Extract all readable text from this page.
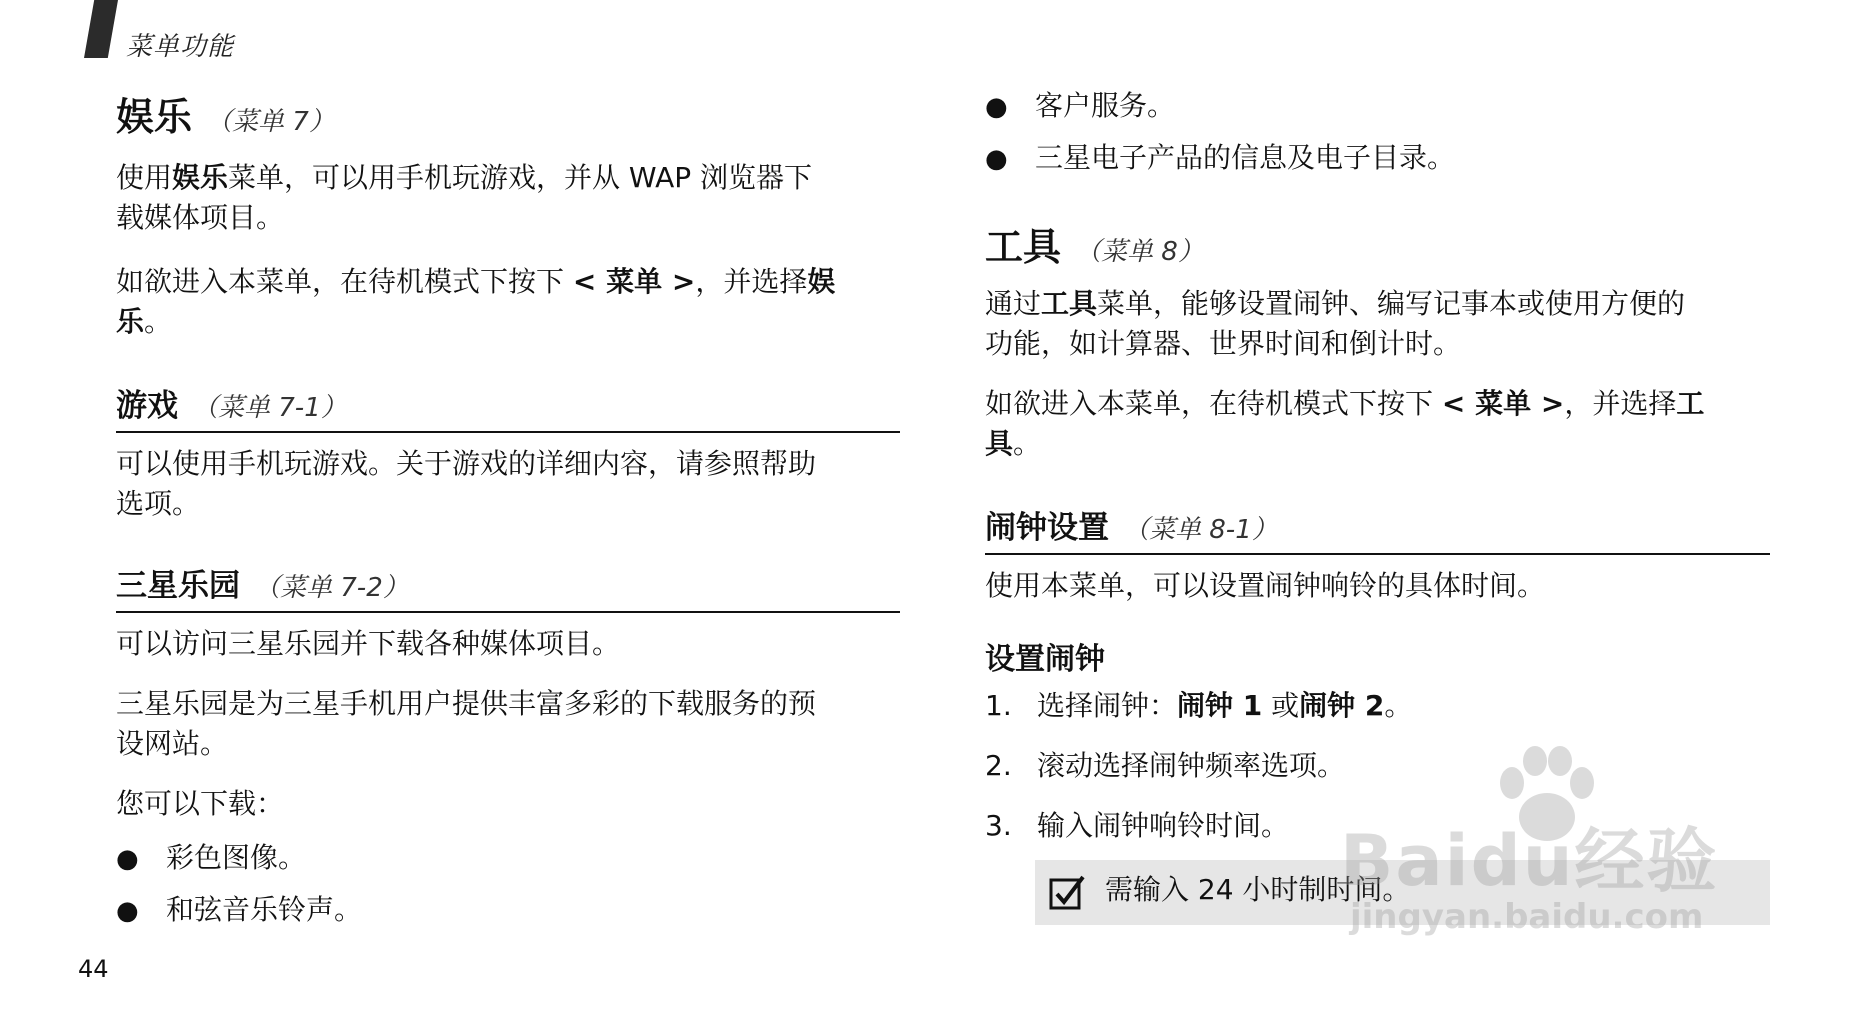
菜单功能
娱乐 （菜单 7）
使用娱乐菜单，可以用手机玩游戏，并从 WAP 浏览器下
载媒体项目。
如欲进入本菜单，在待机模式下按下 < 菜单 >，并选择娱
乐。
游戏 （菜单 7-1）
可以使用手机玩游戏。关于游戏的详细内容，请参照帮助
选项。
三星乐园 （菜单 7-2）
可以访问三星乐园并下载各种媒体项目。
三星乐园是为三星手机用户提供丰富多彩的下载服务的预
设网站。
您可以下载：
● 彩色图像。
● 和弦音乐铃声。
44
● 客户服务。
● 三星电子产品的信息及电子目录。
工具 （菜单 8）
通过工具菜单，能够设置闹钟、编写记事本或使用方便的
功能，如计算器、世界时间和倒计时。
如欲进入本菜单，在待机模式下按下 < 菜单 >，并选择工
具。
闹钟设置 （菜单 8-1）
使用本菜单，可以设置闹钟响铃的具体时间。
设置闹钟
1. 选择闹钟：闹钟 1 或闹钟 2。
2. 滚动选择闹钟频率选项。
3. 输入闹钟响铃时间。
需输入 24 小时制时间。
Baidu经验
jingyan.baidu.com
